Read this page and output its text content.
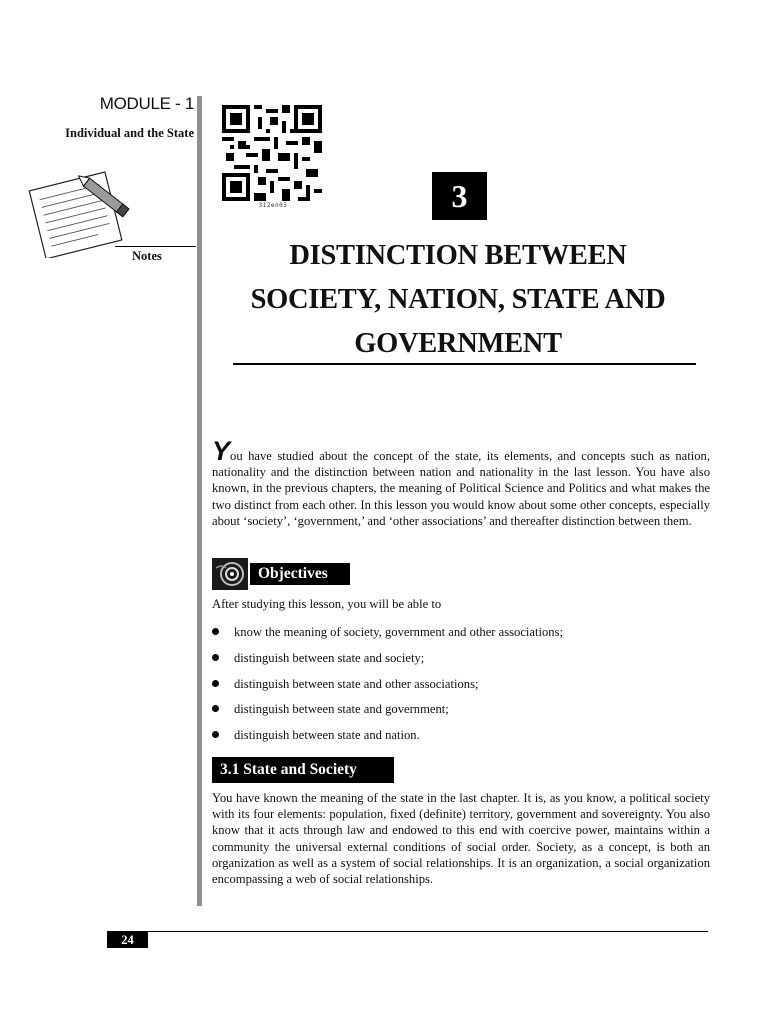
MODULE - 1
Individual and the State
Notes
312en03	3
DISTINCTION BETWEEN
SOCIETY, NATION, STATE AND
GOVERNMENT
You have studied about the concept of the state, its elements, and concepts such as nation, nationality and the distinction between nation and nationality in the last lesson. You have also known, in the previous chapters, the meaning of Political Science and Politics and what makes the two distinct from each other. In this lesson you would know about some other concepts, especially about ‘society’, ‘government,’ and ‘other associations’ and thereafter distinction between them.
Objectives
After studying this lesson, you will be able to
know the meaning of society, government and other associations;
distinguish between state and society;
distinguish between state and other associations;
distinguish between state and government;
distinguish between state and nation.
3.1 State and Society
You have known the meaning of the state in the last chapter. It is, as you know, a political society with its four elements: population, fixed (definite) territory, government and sovereignty. You also know that it acts through law and endowed to this end with coercive power, maintains within a community the universal external conditions of social order. Society, as a concept, is both an organization as well as a system of social relationships. It is an organization, a social organization encompassing a web of social relationships.
24
